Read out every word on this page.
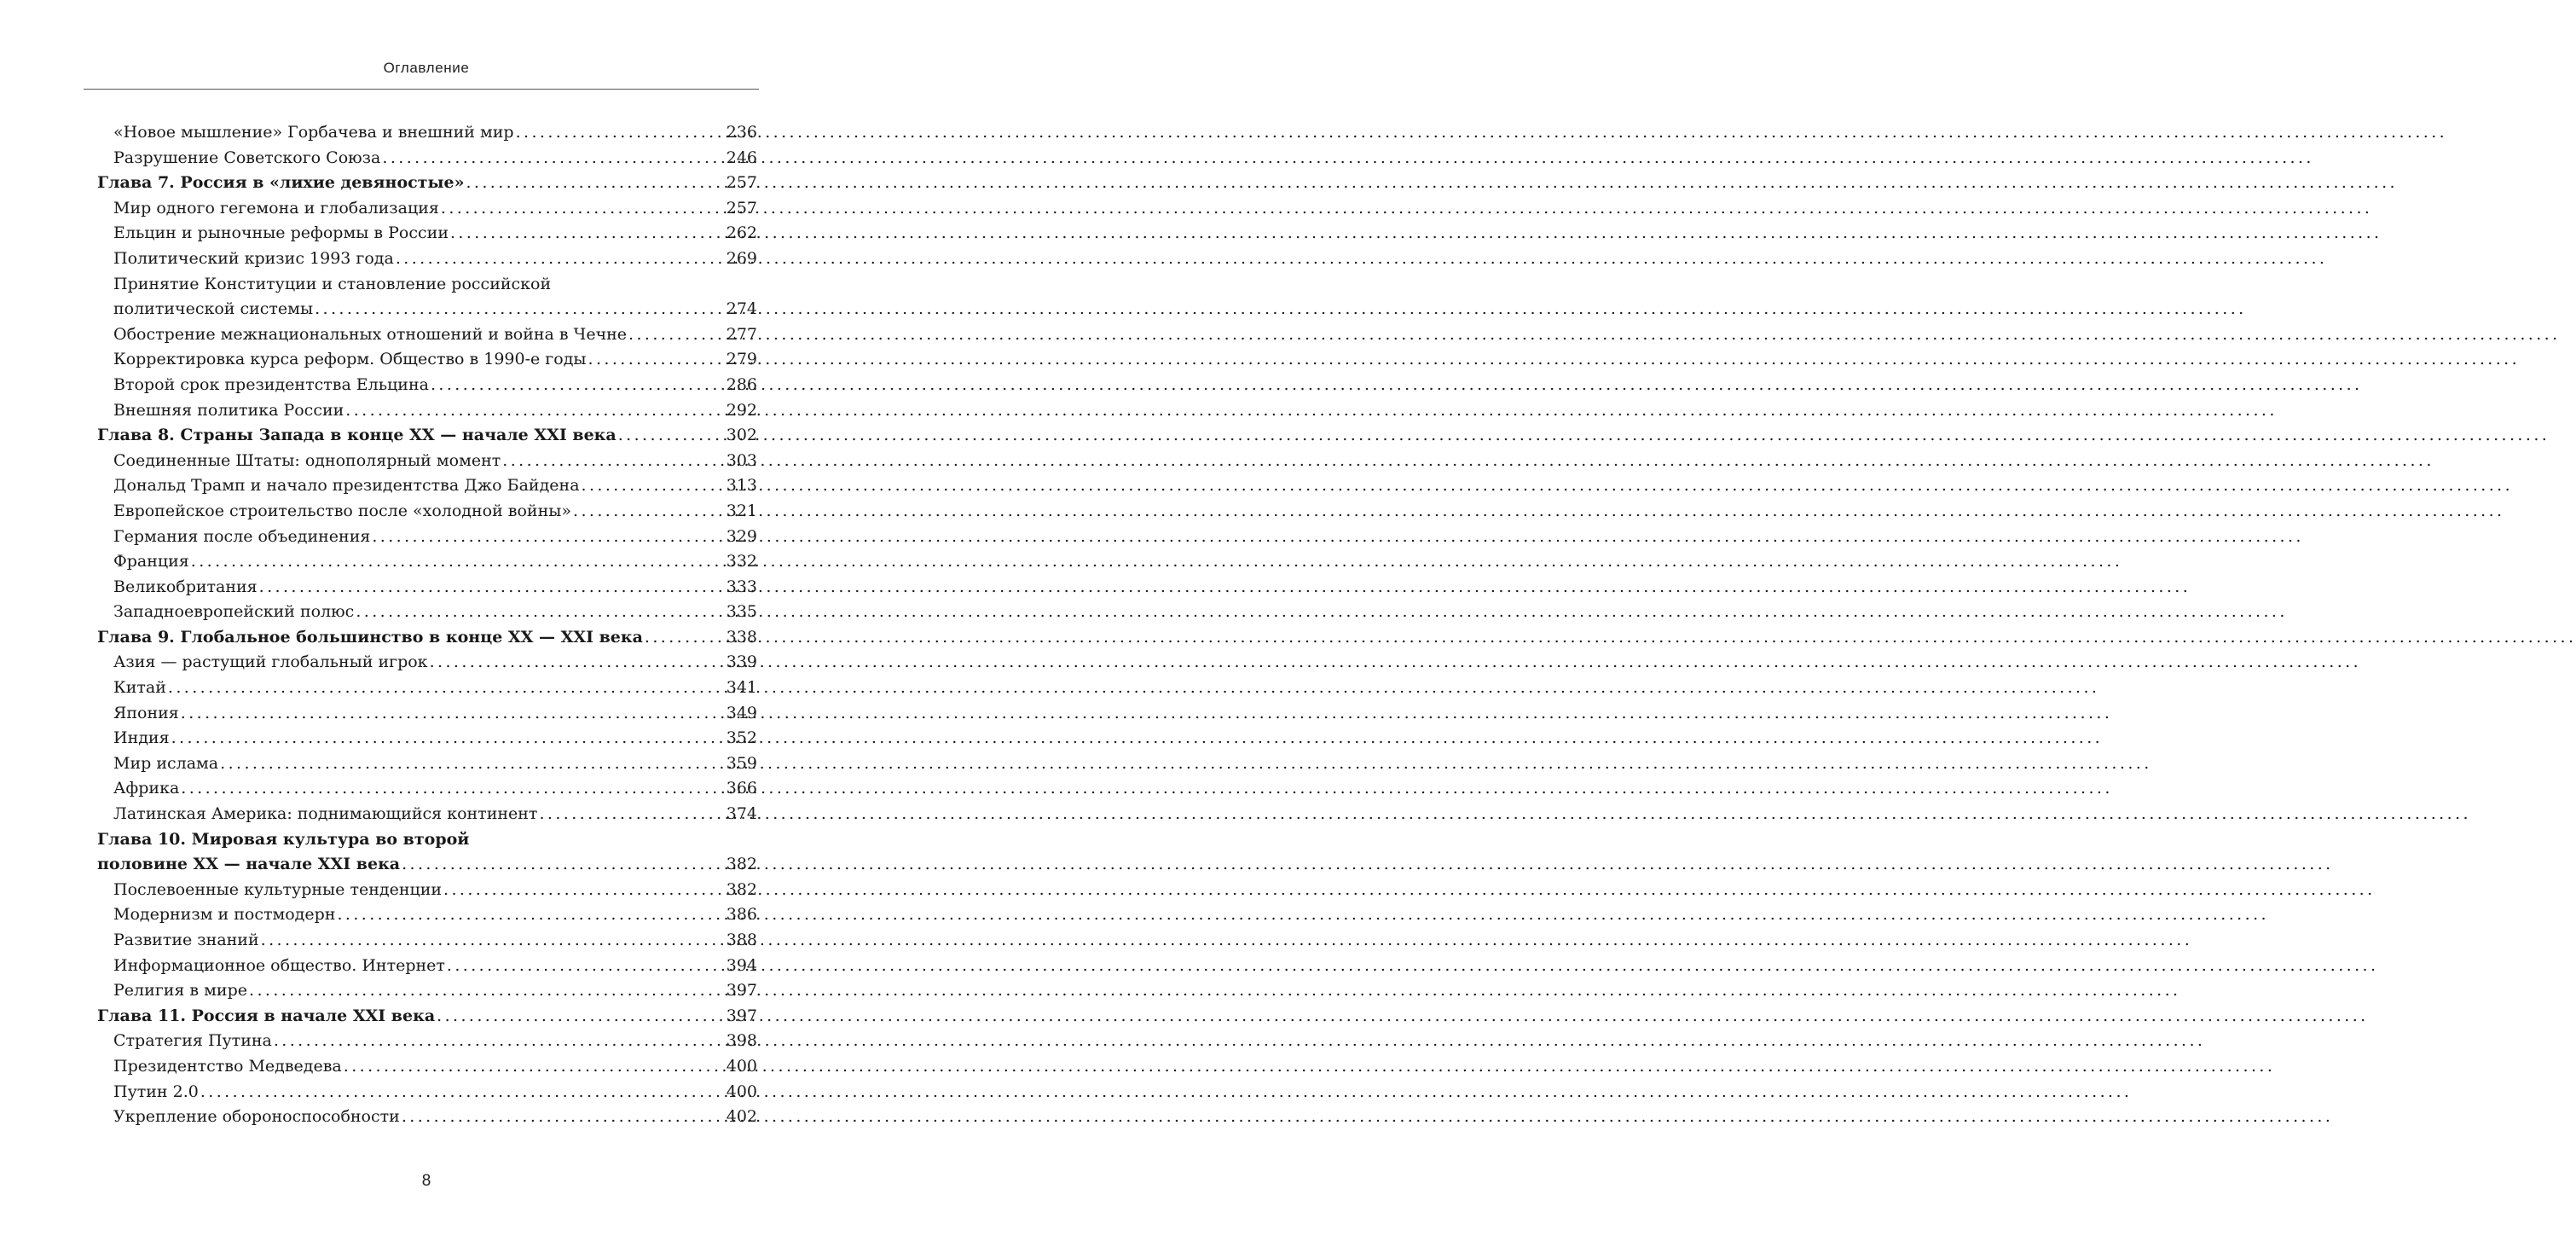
Оглавление
«Новое мышление» Горбачева и внешний мир .....	236
Разрушение Советского Союза .....	246
Глава 7. Россия в «лихие девяностые» .....	257
Мир одного гегемона и глобализация .....	257
Ельцин и рыночные реформы в России .....	262
Политический кризис 1993 года .....	269
Принятие Конституции и становление российской
политической системы .....	274
Обострение межнациональных отношений и война в Чечне .....	277
Корректировка курса реформ. Общество в 1990-е годы .....	279
Второй срок президентства Ельцина .....	286
Внешняя политика России .....	292
Глава 8. Страны Запада в конце XX — начале XXI века .....	302
Соединенные Штаты: однополярный момент .....	303
Дональд Трамп и начало президентства Джо Байдена .....	313
Европейское строительство после «холодной войны» .....	321
Германия после объединения .....	329
Франция .....	332
Великобритания .....	333
Западноевропейский полюс .....	335
Глава 9. Глобальное большинство в конце XX — XXI века .....	338
Азия — растущий глобальный игрок .....	339
Китай .....	341
Япония .....	349
Индия .....	352
Мир ислама .....	359
Африка .....	366
Латинская Америка: поднимающийся континент .....	374
Глава 10. Мировая культура во второй
половине XX — начале XXI века .....	382
Послевоенные культурные тенденции .....	382
Модернизм и постмодерн .....	386
Развитие знаний .....	388
Информационное общество. Интернет .....	394
Религия в мире .....	397
Глава 11. Россия в начале XXI века .....	397
Стратегия Путина .....	398
Президентство Медведева .....	400
Путин 2.0 .....	400
Укрепление обороноспособности .....	402
8
